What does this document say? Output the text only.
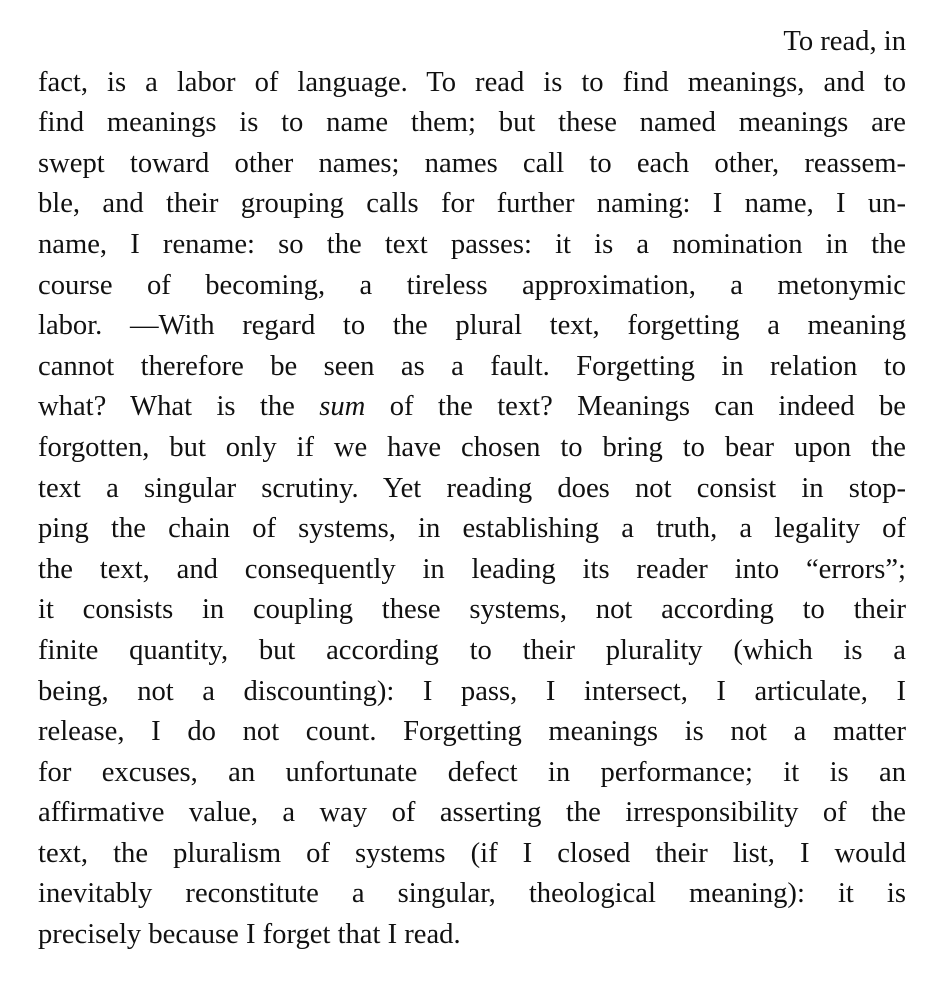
To read, in
fact, is a labor of language. To read is to find meanings, and to
find meanings is to name them; but these named meanings are
swept toward other names; names call to each other, reassem-
ble, and their grouping calls for further naming: I name, I un-
name, I rename: so the text passes: it is a nomination in the
course of becoming, a tireless approximation, a metonymic
labor. —With regard to the plural text, forgetting a meaning
cannot therefore be seen as a fault. Forgetting in relation to
what? What is the sum of the text? Meanings can indeed be
forgotten, but only if we have chosen to bring to bear upon the
text a singular scrutiny. Yet reading does not consist in stop-
ping the chain of systems, in establishing a truth, a legality of
the text, and consequently in leading its reader into “errors”;
it consists in coupling these systems, not according to their
finite quantity, but according to their plurality (which is a
being, not a discounting): I pass, I intersect, I articulate, I
release, I do not count. Forgetting meanings is not a matter
for excuses, an unfortunate defect in performance; it is an
affirmative value, a way of asserting the irresponsibility of the
text, the pluralism of systems (if I closed their list, I would
inevitably reconstitute a singular, theological meaning): it is
precisely because I forget that I read.
